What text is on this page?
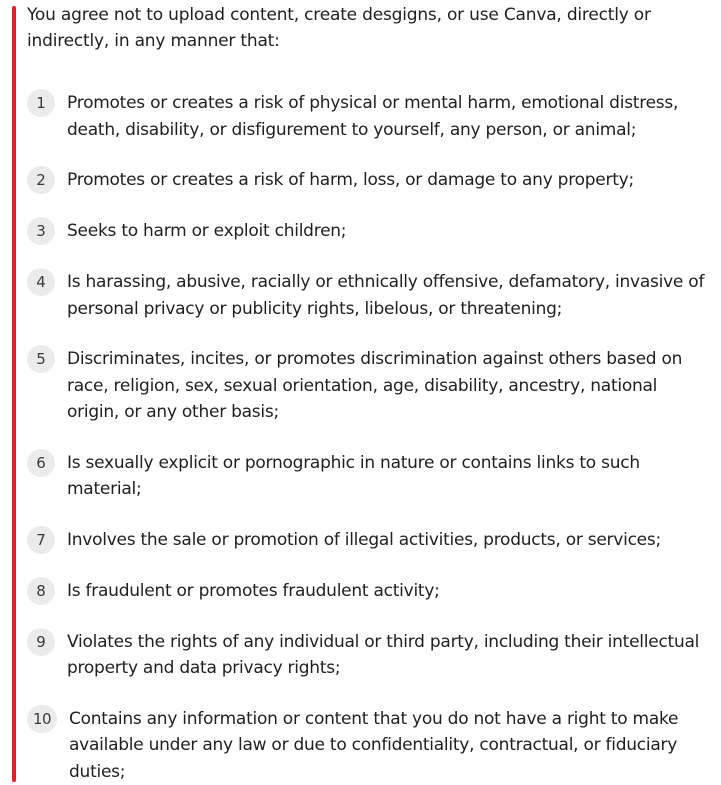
You agree not to upload content, create desgigns, or use Canva, directly or indirectly, in any manner that:

1	Promotes or creates a risk of physical or mental harm, emotional distress, death, disability, or disfigurement to yourself, any person, or animal;
2	Promotes or creates a risk of harm, loss, or damage to any property;
3	Seeks to harm or exploit children;
4	Is harassing, abusive, racially or ethnically offensive, defamatory, invasive of personal privacy or publicity rights, libelous, or threatening;
5	Discriminates, incites, or promotes discrimination against others based on race, religion, sex, sexual orientation, age, disability, ancestry, national origin, or any other basis;
6	Is sexually explicit or pornographic in nature or contains links to such material;
7	Involves the sale or promotion of illegal activities, products, or services;
8	Is fraudulent or promotes fraudulent activity;
9	Violates the rights of any individual or third party, including their intellectual property and data privacy rights;
10	Contains any information or content that you do not have a right to make available under any law or due to confidentiality, contractual, or fiduciary duties;
